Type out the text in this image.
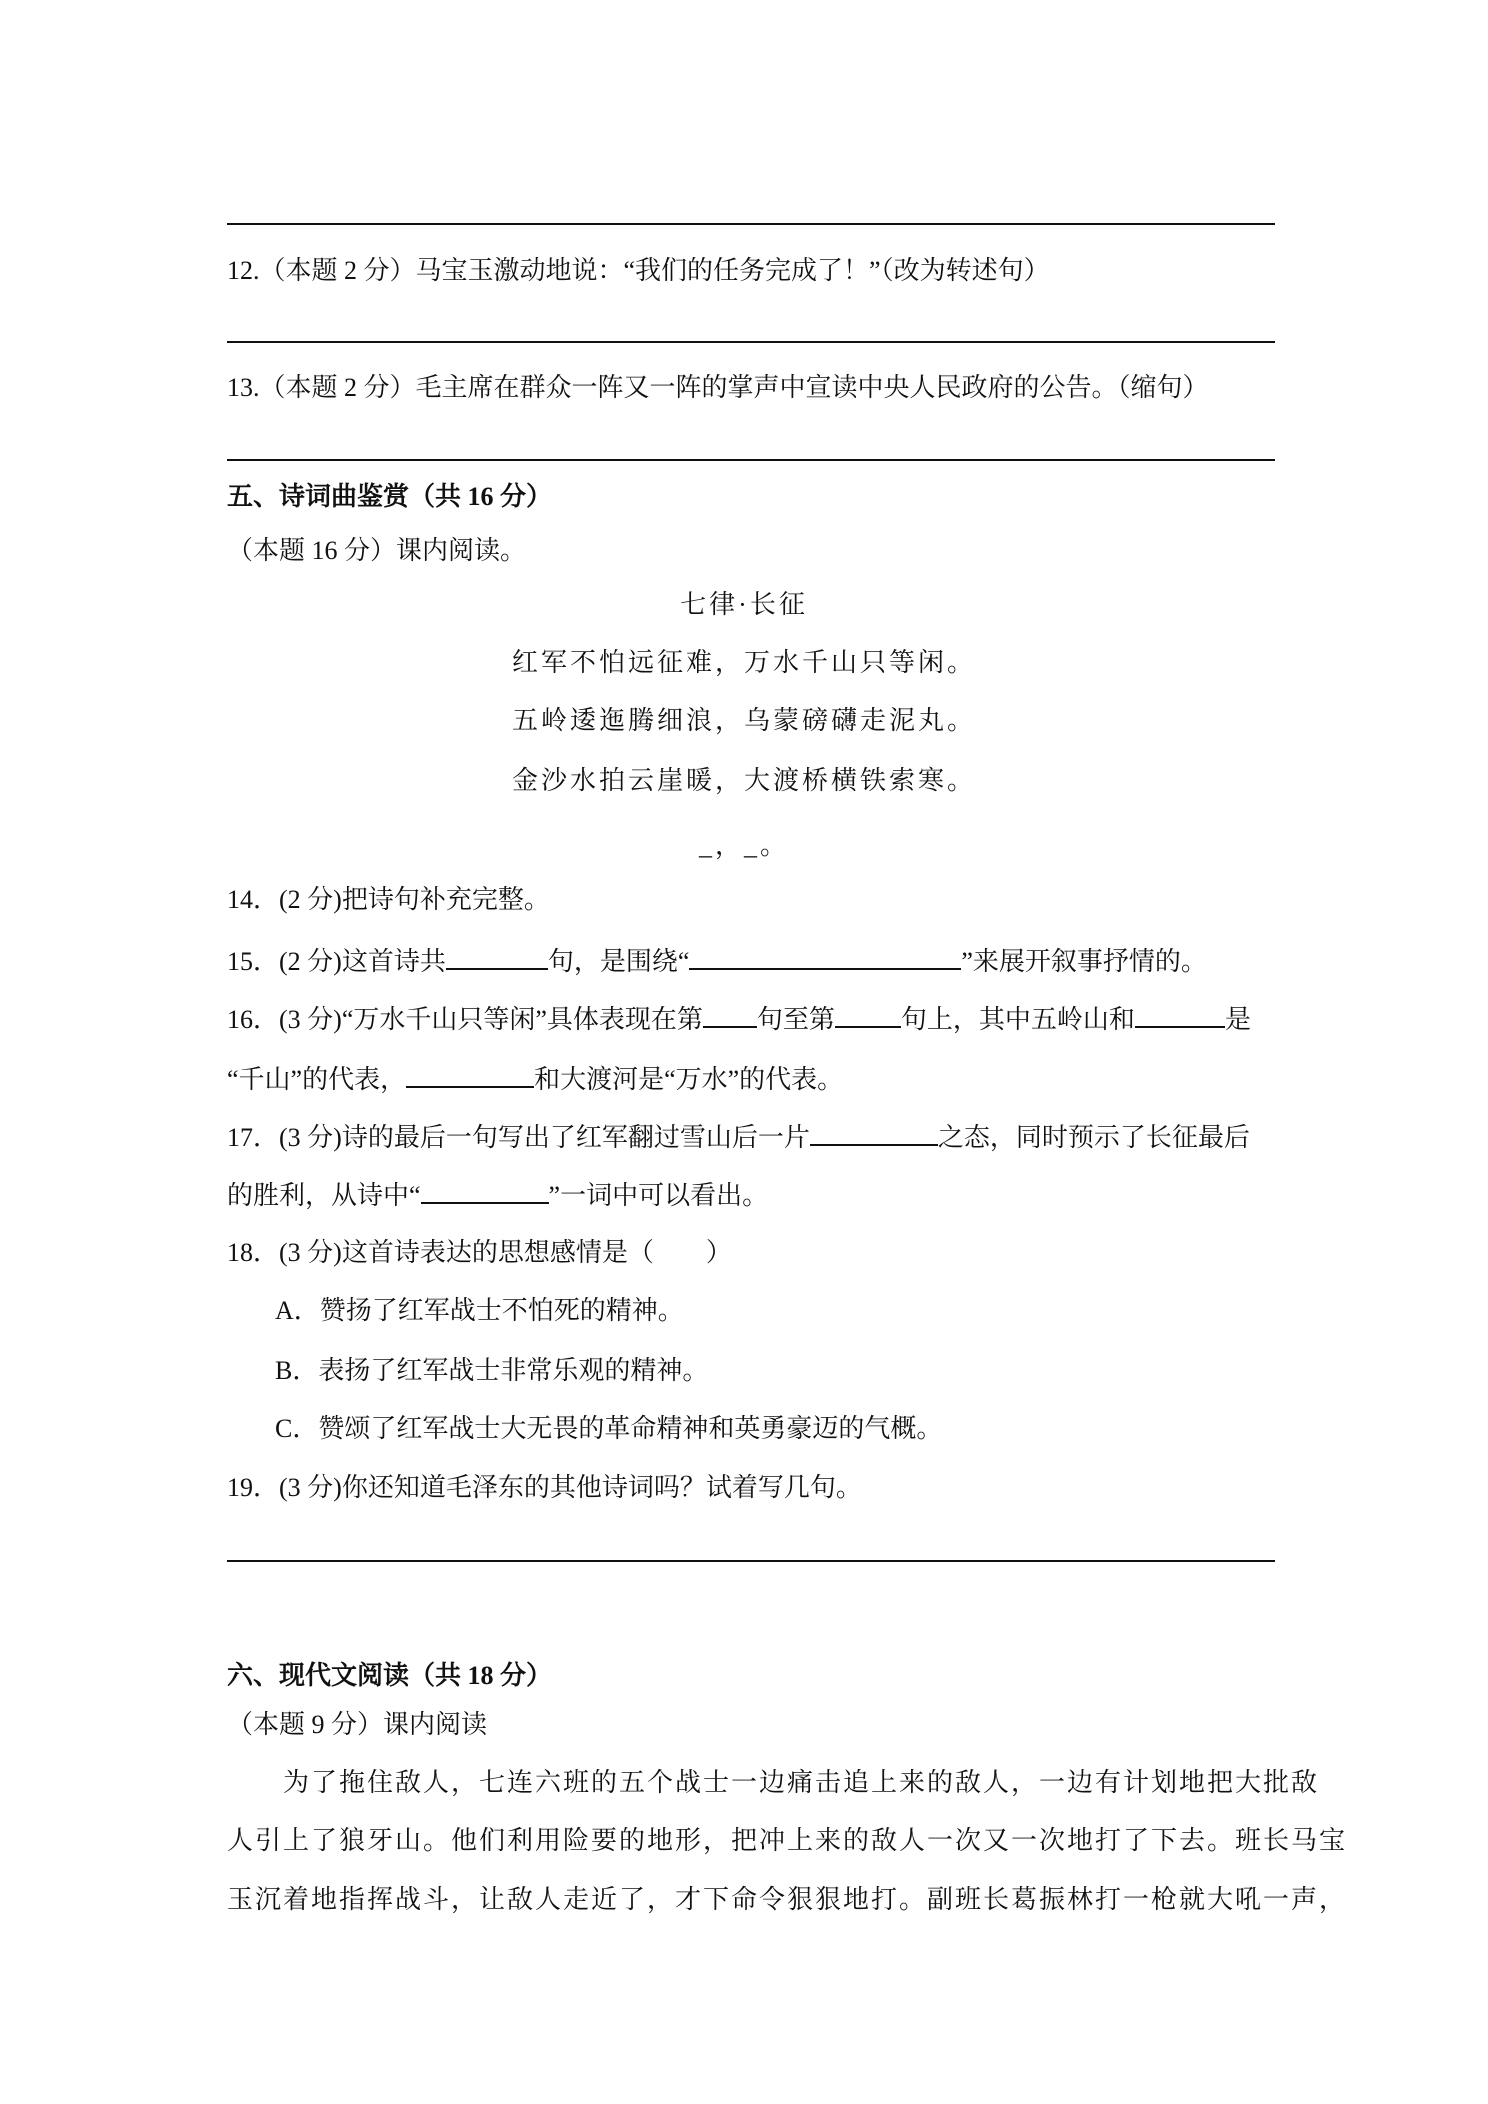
12.（本题 2 分）马宝玉激动地说：“我们的任务完成了！”（改为转述句）
13.（本题 2 分）毛主席在群众一阵又一阵的掌声中宣读中央人民政府的公告。（缩句）
五、诗词曲鉴赏（共 16 分）
（本题 16 分）课内阅读。
七律·长征
红军不怕远征难，万水千山只等闲。
五岭逶迤腾细浪，乌蒙磅礴走泥丸。
金沙水拍云崖暖，大渡桥横铁索寒。
_，_。
14．(2 分)把诗句补充完整。
15．(2 分)这首诗共	句，是围绕“	”来展开叙事抒情的。
16．(3 分)“万水千山只等闲”具体表现在第 句至第	句上，其中五岭山和	是
“千山”的代表，	和大渡河是“万水”的代表。
17．(3 分)诗的最后一句写出了红军翻过雪山后一片	之态，同时预示了长征最后
的胜利，从诗中“	”一词中可以看出。
18．(3 分)这首诗表达的思想感情是（　　）
A．赞扬了红军战士不怕死的精神。
B．表扬了红军战士非常乐观的精神。
C．赞颂了红军战士大无畏的革命精神和英勇豪迈的气概。
19．(3 分)你还知道毛泽东的其他诗词吗？试着写几句。
六、现代文阅读（共 18 分）
（本题 9 分）课内阅读
　　为了拖住敌人，七连六班的五个战士一边痛击追上来的敌人，一边有计划地把大批敌
人引上了狼牙山。他们利用险要的地形，把冲上来的敌人一次又一次地打了下去。班长马宝
玉沉着地指挥战斗，让敌人走近了，才下命令狠狠地打。副班长葛振林打一枪就大吼一声，
